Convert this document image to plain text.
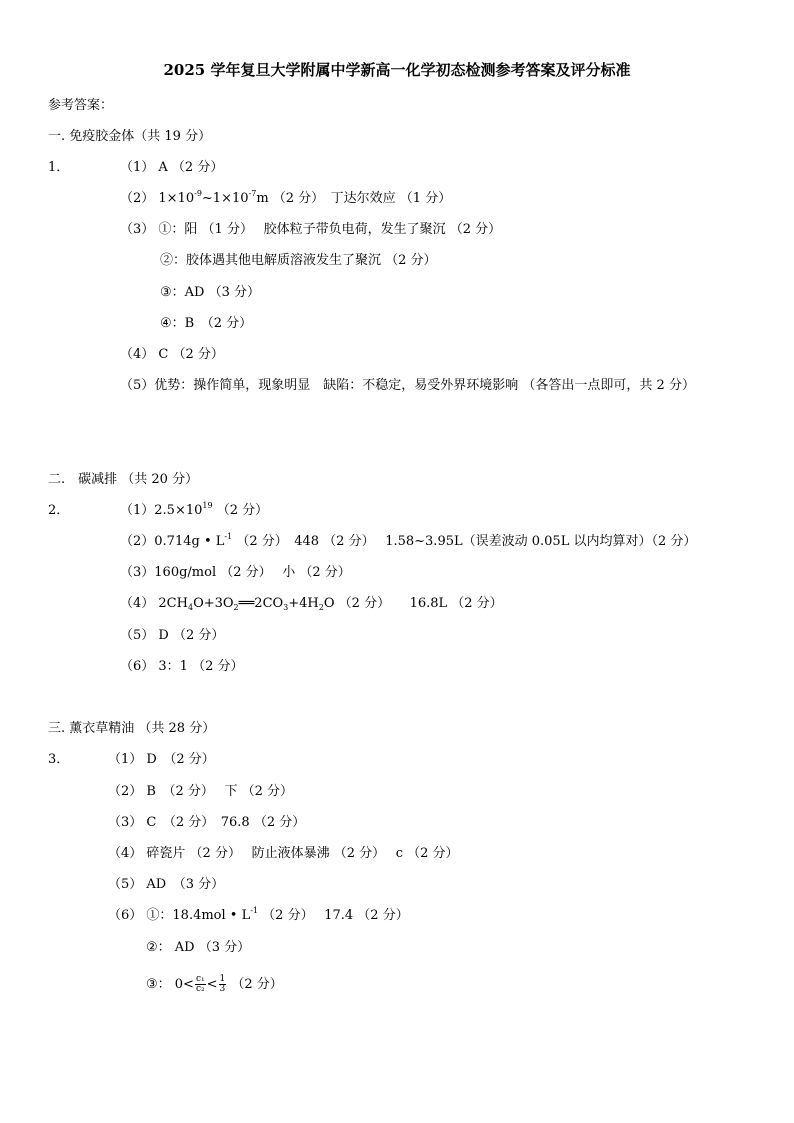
2025 学年复旦大学附属中学新高一化学初态检测参考答案及评分标准
参考答案：
一. 免疫胶金体（共 19 分）
1．	（1） A （2 分）
（2） $1\times 10^{-9}\sim 1\times 10^{-7}m$ （2 分）　丁达尔效应 （1 分）
（3） ①：阳 （1 分）　 胶体粒子带负电荷，发生了聚沉 （2 分）
②：胶体遇其他电解质溶液发生了聚沉 （2 分）
③：AD （3 分）
④：B　（2 分）
（4） C （2 分）
（5）优势：操作简单，现象明显　缺陷：不稳定，易受外界环境影响 （各答出一点即可，共 2 分）
二.　碳减排 （共 20 分）
2．	$(1)2.5\times 10^{19}$ （2 分）
（2）0.714g • $L^{-1}$ （2 分）　448 （2 分）　 1.58~3.95L（误差波动 0.05L 以内均算对）（2 分）
（3）160g/mol （2 分）　 小 （2 分）
（4） $2CH_4O+3O_2══2CO_3+4H_2O$ （2 分）　　16.8L （2 分）
（5） D （2 分）
（6） 3：1 （2 分）
三. 薰衣草精油 （共 28 分）
3．	（1） D　（2 分）
（2） B　（2 分）　 下 （2 分）
（3） C　（2 分）　76.8 （2 分）
（4） 碎瓷片 （2 分）　 防止液体暴沸 （2 分）　 c （2 分）
（5） AD　（3 分）
（6） ①：18.4mol • $L^{-1}$ （2 分）　 17.4 （2 分）
②： AD （3 分）
③： $0< \frac{\text{c₁}}{\text{c₂}} < \frac{1}{3} (2$ 分）
